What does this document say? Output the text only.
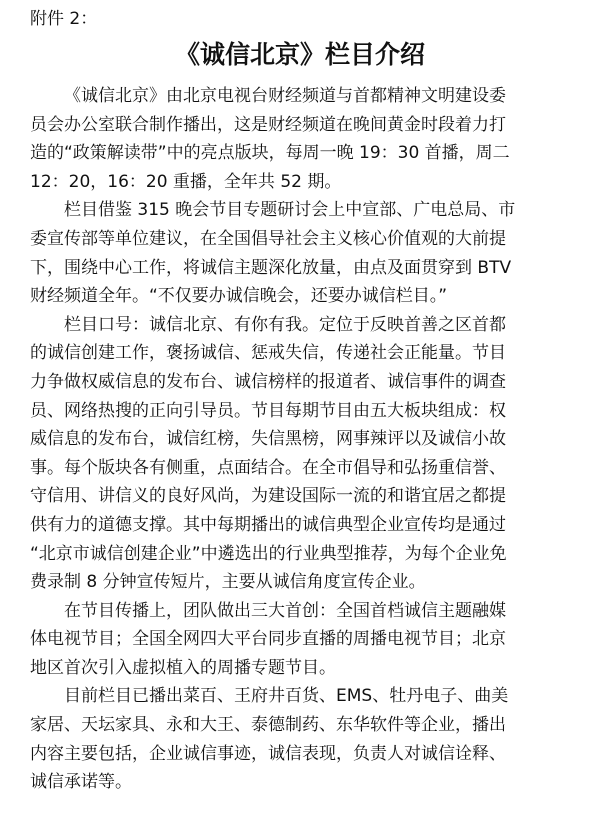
附件 2：

《诚信北京》栏目介绍

《诚信北京》由北京电视台财经频道与首都精神文明建设委
员会办公室联合制作播出，这是财经频道在晚间黄金时段着力打
造的“政策解读带”中的亮点版块，每周一晚 19：30 首播，周二
12：20，16：20 重播，全年共 52 期。

栏目借鉴 315 晚会节目专题研讨会上中宣部、广电总局、市
委宣传部等单位建议，在全国倡导社会主义核心价值观的大前提
下，围绕中心工作，将诚信主题深化放量，由点及面贯穿到 BTV
财经频道全年。“不仅要办诚信晚会，还要办诚信栏目。”

栏目口号：诚信北京、有你有我。定位于反映首善之区首都
的诚信创建工作，褒扬诚信、惩戒失信，传递社会正能量。节目
力争做权威信息的发布台、诚信榜样的报道者、诚信事件的调查
员、网络热搜的正向引导员。节目每期节目由五大板块组成：权
威信息的发布台，诚信红榜，失信黑榜，网事辣评以及诚信小故
事。每个版块各有侧重，点面结合。在全市倡导和弘扬重信誉、
守信用、讲信义的良好风尚，为建设国际一流的和谐宜居之都提
供有力的道德支撑。其中每期播出的诚信典型企业宣传均是通过
“北京市诚信创建企业”中遴选出的行业典型推荐，为每个企业免
费录制 8 分钟宣传短片，主要从诚信角度宣传企业。

在节目传播上，团队做出三大首创：全国首档诚信主题融媒
体电视节目；全国全网四大平台同步直播的周播电视节目；北京
地区首次引入虚拟植入的周播专题节目。

目前栏目已播出菜百、王府井百货、EMS、牡丹电子、曲美
家居、天坛家具、永和大王、泰德制药、东华软件等企业，播出
内容主要包括，企业诚信事迹，诚信表现，负责人对诚信诠释、
诚信承诺等。
